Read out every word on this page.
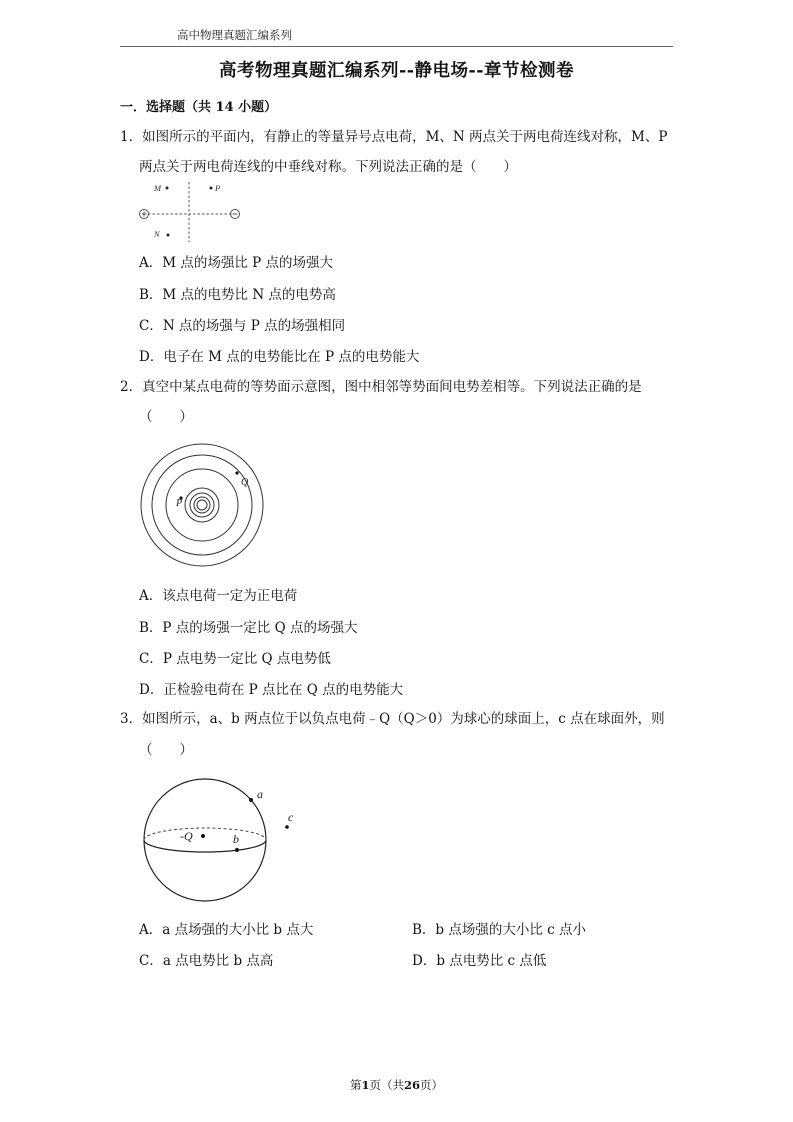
高中物理真题汇编系列
高考物理真题汇编系列--静电场--章节检测卷
一．选择题（共 14 小题）
1．如图所示的平面内，有静止的等量异号点电荷，M、N 两点关于两电荷连线对称，M、P
两点关于两电荷连线的中垂线对称。下列说法正确的是（　　）
M	P
N
A．M 点的场强比 P 点的场强大
B．M 点的电势比 N 点的电势高
C．N 点的场强与 P 点的场强相同
D．电子在 M 点的电势能比在 P 点的电势能大
2．真空中某点电荷的等势面示意图，图中相邻等势面间电势差相等。下列说法正确的是
（　　）
P
Q
A．该点电荷一定为正电荷
B．P 点的场强一定比 Q 点的场强大
C．P 点电势一定比 Q 点电势低
D．正检验电荷在 P 点比在 Q 点的电势能大
3．如图所示，a、b 两点位于以负点电荷﹣Q（Q＞0）为球心的球面上，c 点在球面外，则
（　　）
-Q
a
b
c
A．a 点场强的大小比 b 点大	B．b 点场强的大小比 c 点小
C．a 点电势比 b 点高	D．b 点电势比 c 点低
第1页（共26页）
